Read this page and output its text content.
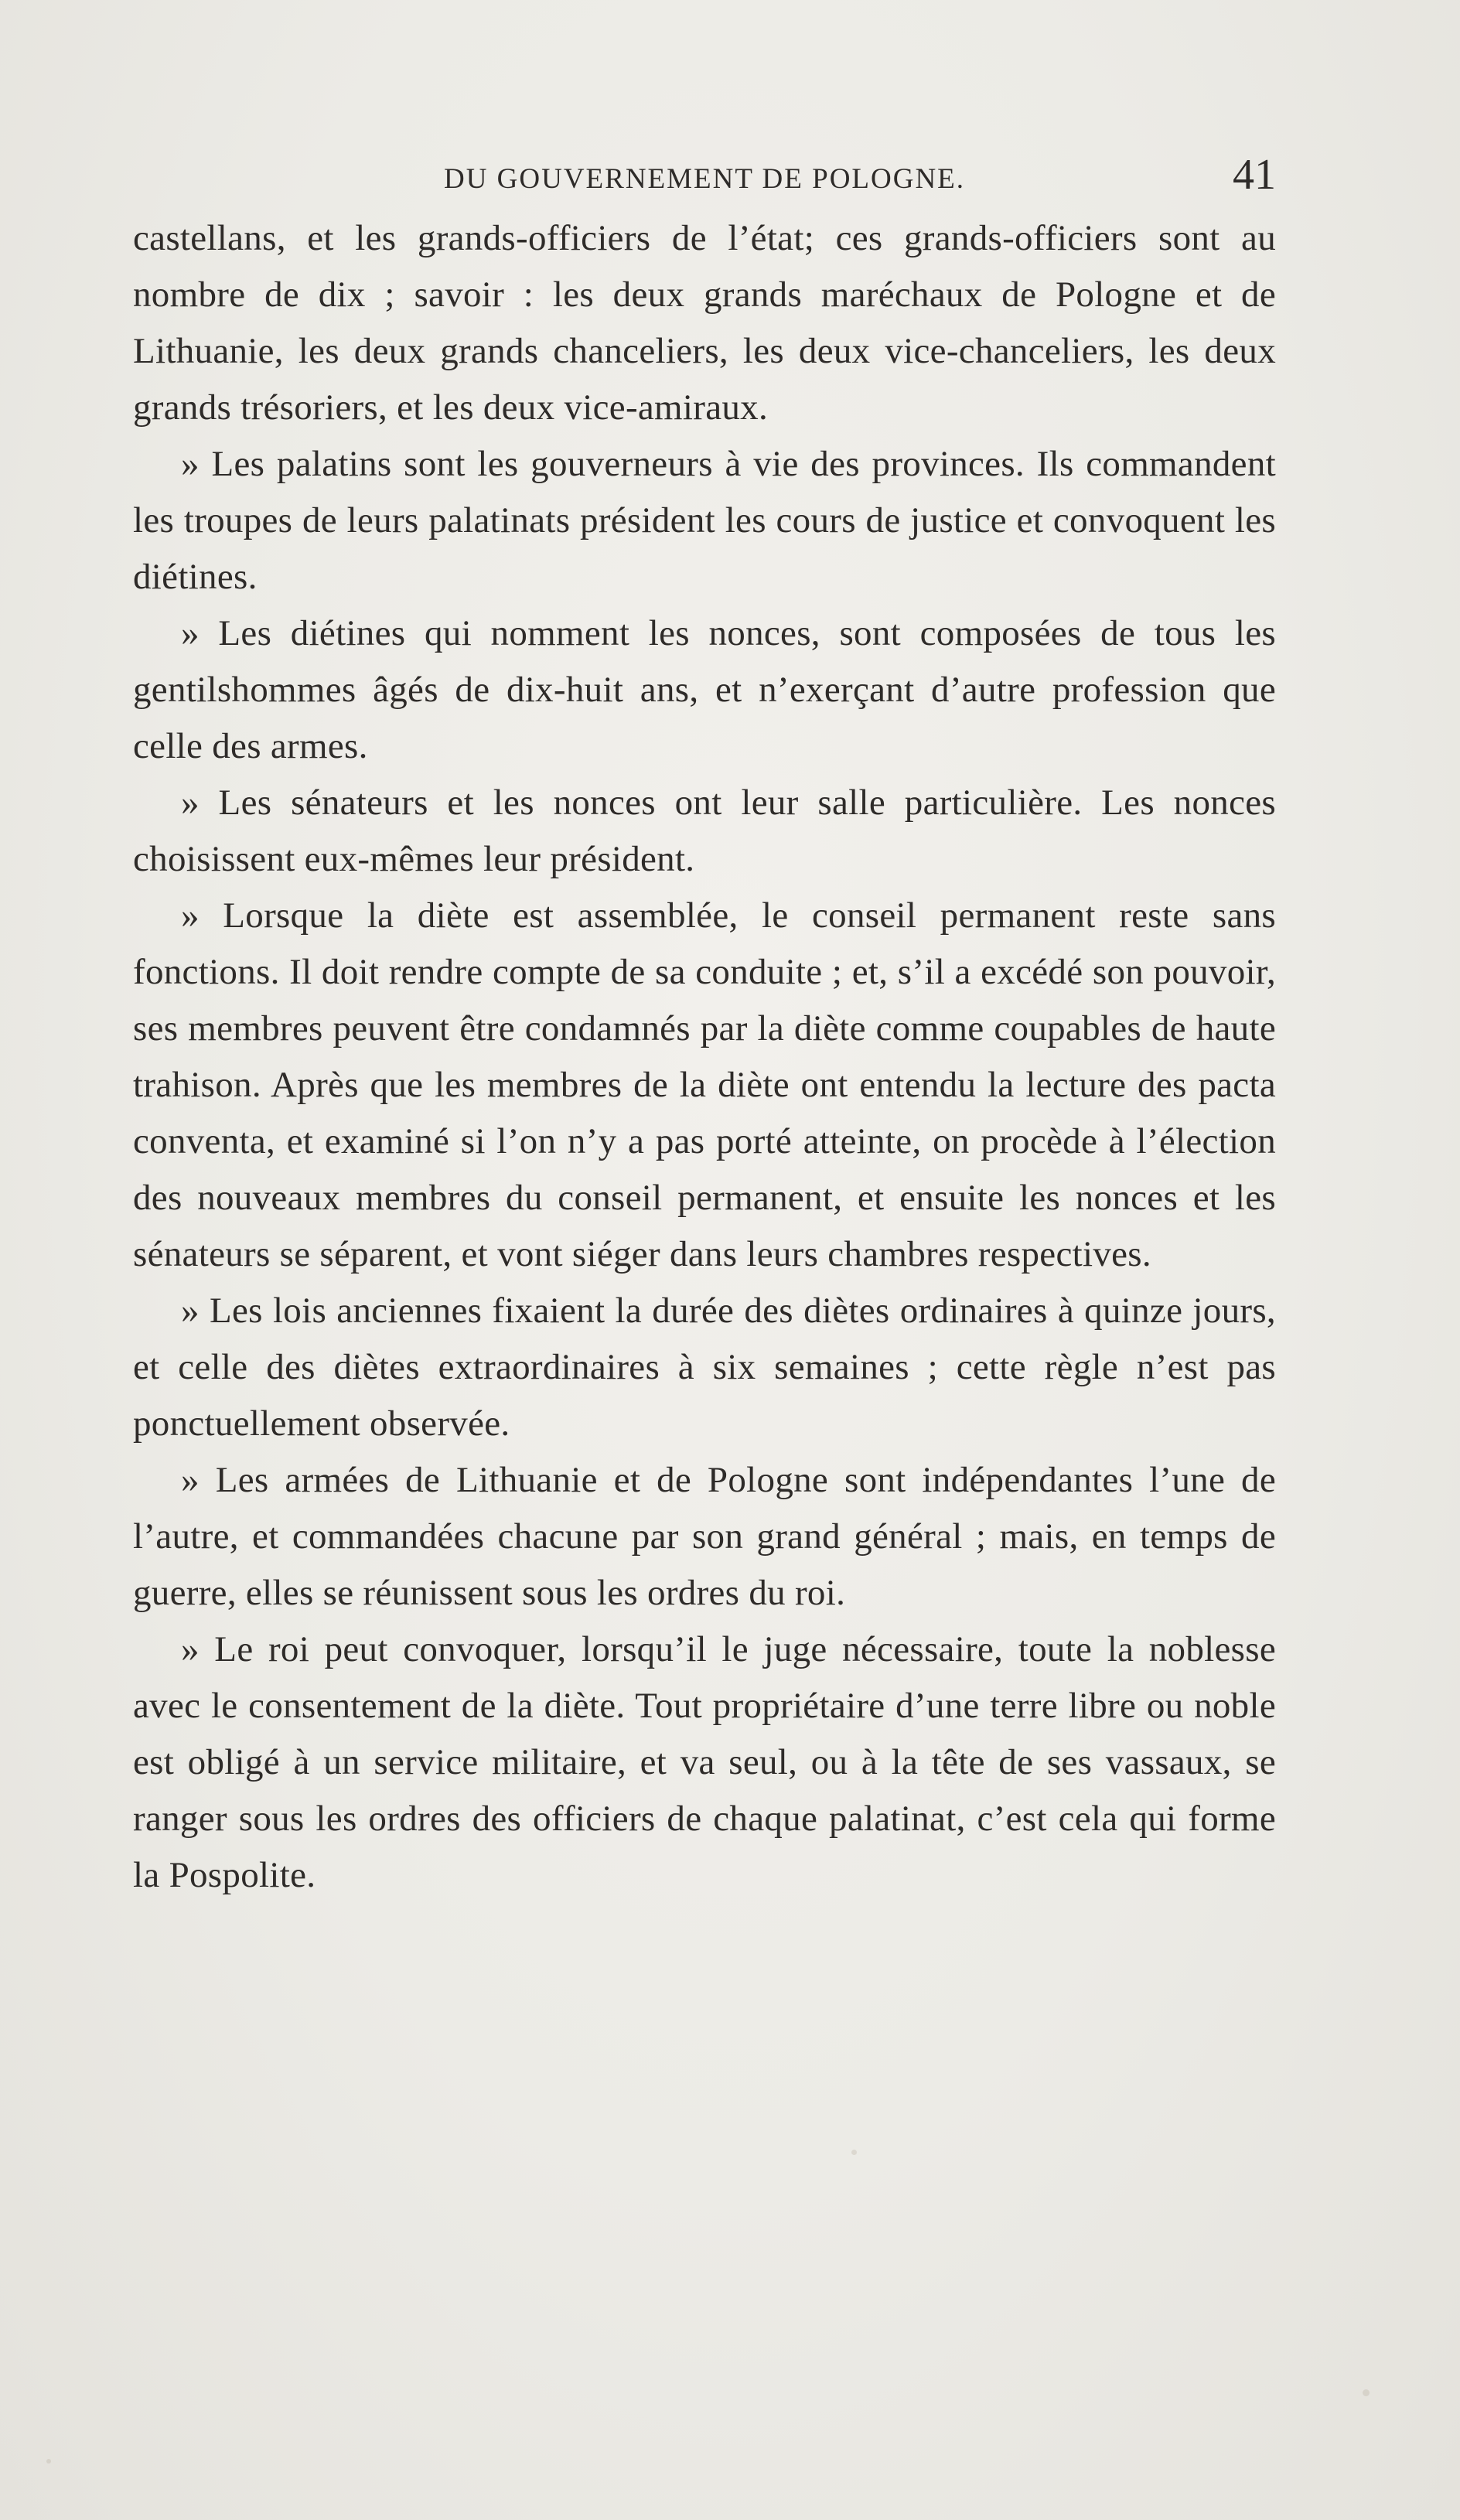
DU GOUVERNEMENT DE POLOGNE.	41

castellans, et les grands-officiers de l’état; ces grands-officiers sont au nombre de dix ; savoir : les deux grands maréchaux de Pologne et de Lithuanie, les deux grands chanceliers, les deux vice-chanceliers, les deux grands trésoriers, et les deux vice-amiraux.

» Les palatins sont les gouverneurs à vie des provinces. Ils commandent les troupes de leurs palatinats président les cours de justice et convoquent les diétines.

» Les diétines qui nomment les nonces, sont composées de tous les gentilshommes âgés de dix-huit ans, et n’exerçant d’autre profession que celle des armes.

» Les sénateurs et les nonces ont leur salle particulière. Les nonces choisissent eux-mêmes leur président.

» Lorsque la diète est assemblée, le conseil permanent reste sans fonctions. Il doit rendre compte de sa conduite ; et, s’il a excédé son pouvoir, ses membres peuvent être condamnés par la diète comme coupables de haute trahison. Après que les membres de la diète ont entendu la lecture des pacta conventa, et examiné si l’on n’y a pas porté atteinte, on procède à l’élection des nouveaux membres du conseil permanent, et ensuite les nonces et les sénateurs se séparent, et vont siéger dans leurs chambres respectives.

» Les lois anciennes fixaient la durée des diètes ordinaires à quinze jours, et celle des diètes extraordinaires à six semaines ; cette règle n’est pas ponctuellement observée.

» Les armées de Lithuanie et de Pologne sont indépendantes l’une de l’autre, et commandées chacune par son grand général ; mais, en temps de guerre, elles se réunissent sous les ordres du roi.

» Le roi peut convoquer, lorsqu’il le juge nécessaire, toute la noblesse avec le consentement de la diète. Tout propriétaire d’une terre libre ou noble est obligé à un service militaire, et va seul, ou à la tête de ses vassaux, se ranger sous les ordres des officiers de chaque palatinat, c’est cela qui forme la Pospolite.
